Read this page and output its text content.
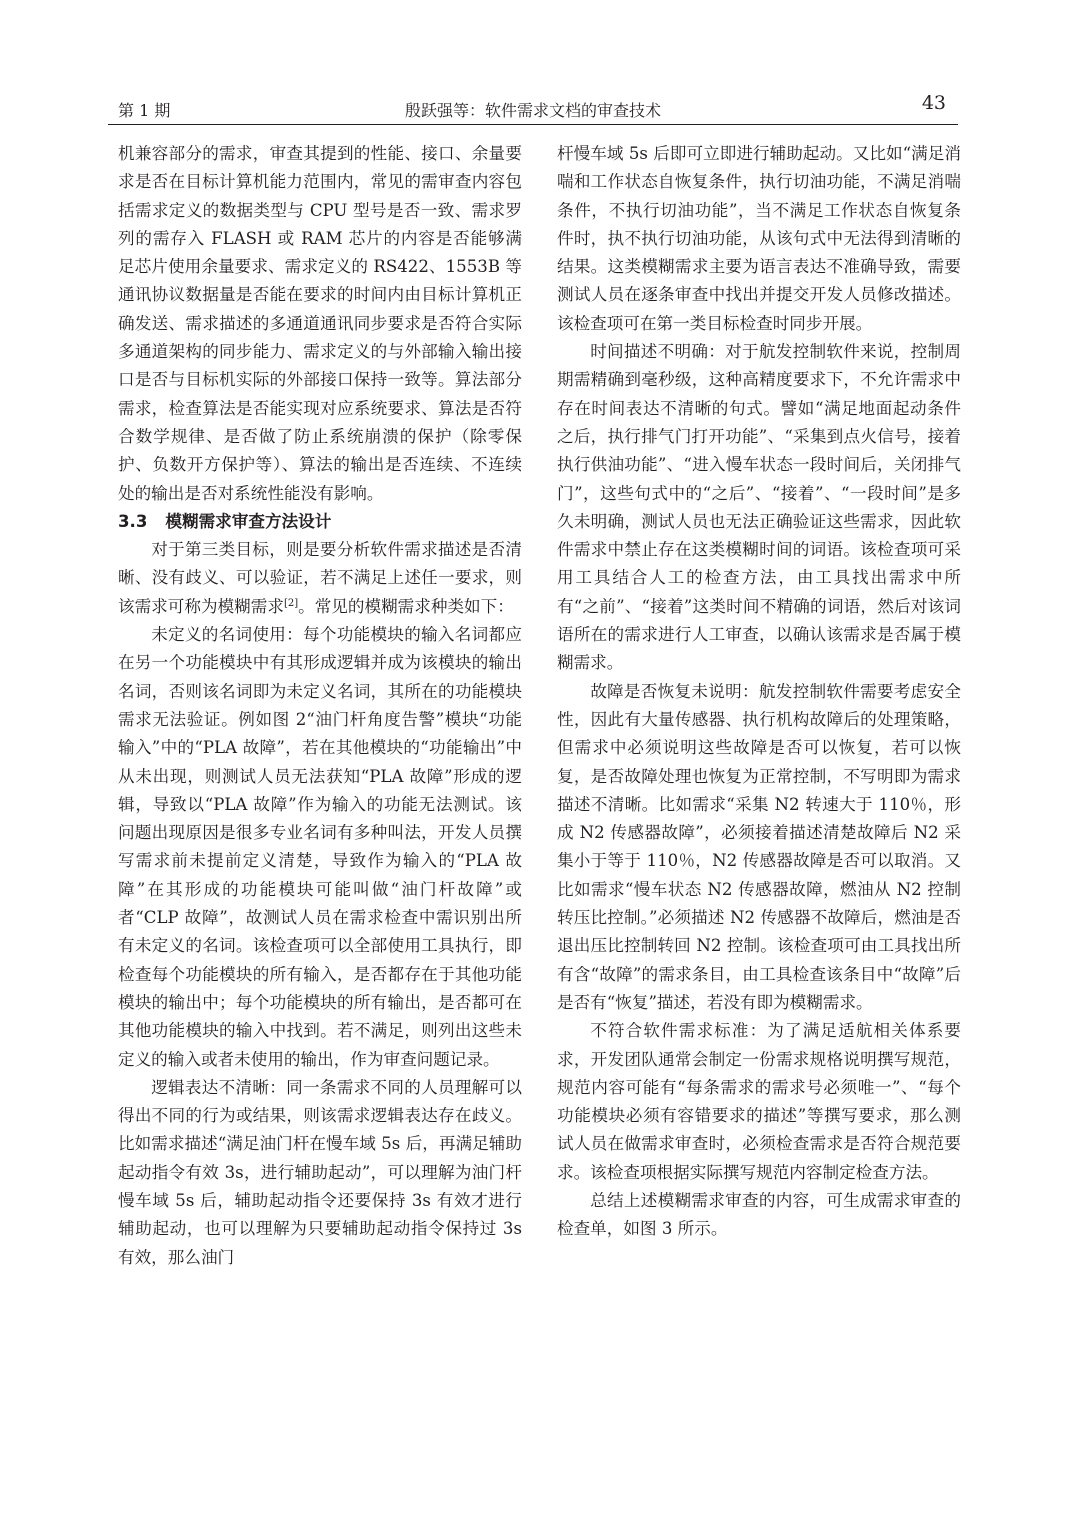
第 1 期	殷跃强等：软件需求文档的审查技术	43

机兼容部分的需求，审查其提到的性能、接口、余量要求是否在目标计算机能力范围内，常见的需审查内容包括需求定义的数据类型与 CPU 型号是否一致、需求罗列的需存入 FLASH 或 RAM 芯片的内容是否能够满足芯片使用余量要求、需求定义的 RS422、1553B 等通讯协议数据量是否能在要求的时间内由目标计算机正确发送、需求描述的多通道通讯同步要求是否符合实际多通道架构的同步能力、需求定义的与外部输入输出接口是否与目标机实际的外部接口保持一致等。算法部分需求，检查算法是否能实现对应系统要求、算法是否符合数学规律、是否做了防止系统崩溃的保护（除零保护、负数开方保护等）、算法的输出是否连续、不连续处的输出是否对系统性能没有影响。

3.3 模糊需求审查方法设计

对于第三类目标，则是要分析软件需求描述是否清晰、没有歧义、可以验证，若不满足上述任一要求，则该需求可称为模糊需求[2]。常见的模糊需求种类如下：

未定义的名词使用：每个功能模块的输入名词都应在另一个功能模块中有其形成逻辑并成为该模块的输出名词，否则该名词即为未定义名词，其所在的功能模块需求无法验证。例如图 2“油门杆角度告警”模块“功能输入”中的“PLA 故障”，若在其他模块的“功能输出”中从未出现，则测试人员无法获知“PLA 故障”形成的逻辑，导致以“PLA 故障”作为输入的功能无法测试。该问题出现原因是很多专业名词有多种叫法，开发人员撰写需求前未提前定义清楚，导致作为输入的“PLA 故障”在其形成的功能模块可能叫做“油门杆故障”或者“CLP 故障”，故测试人员在需求检查中需识别出所有未定义的名词。该检查项可以全部使用工具执行，即检查每个功能模块的所有输入，是否都存在于其他功能模块的输出中；每个功能模块的所有输出，是否都可在其他功能模块的输入中找到。若不满足，则列出这些未定义的输入或者未使用的输出，作为审查问题记录。

逻辑表达不清晰：同一条需求不同的人员理解可以得出不同的行为或结果，则该需求逻辑表达存在歧义。比如需求描述“满足油门杆在慢车域 5s 后，再满足辅助起动指令有效 3s，进行辅助起动”，可以理解为油门杆慢车域 5s 后，辅助起动指令还要保持 3s 有效才进行辅助起动，也可以理解为只要辅助起动指令保持过 3s 有效，那么油门

杆慢车域 5s 后即可立即进行辅助起动。又比如“满足消喘和工作状态自恢复条件，执行切油功能，不满足消喘条件，不执行切油功能”，当不满足工作状态自恢复条件时，执不执行切油功能，从该句式中无法得到清晰的结果。这类模糊需求主要为语言表达不准确导致，需要测试人员在逐条审查中找出并提交开发人员修改描述。该检查项可在第一类目标检查时同步开展。

时间描述不明确：对于航发控制软件来说，控制周期需精确到毫秒级，这种高精度要求下，不允许需求中存在时间表达不清晰的句式。譬如“满足地面起动条件之后，执行排气门打开功能”、“采集到点火信号，接着执行供油功能”、“进入慢车状态一段时间后，关闭排气门”，这些句式中的“之后”、“接着”、“一段时间”是多久未明确，测试人员也无法正确验证这些需求，因此软件需求中禁止存在这类模糊时间的词语。该检查项可采用工具结合人工的检查方法，由工具找出需求中所有“之前”、“接着”这类时间不精确的词语，然后对该词语所在的需求进行人工审查，以确认该需求是否属于模糊需求。

故障是否恢复未说明：航发控制软件需要考虑安全性，因此有大量传感器、执行机构故障后的处理策略，但需求中必须说明这些故障是否可以恢复，若可以恢复，是否故障处理也恢复为正常控制，不写明即为需求描述不清晰。比如需求“采集 N2 转速大于 110％，形成 N2 传感器故障”，必须接着描述清楚故障后 N2 采集小于等于 110％，N2 传感器故障是否可以取消。又比如需求“慢车状态 N2 传感器故障，燃油从 N2 控制转压比控制。”必须描述 N2 传感器不故障后，燃油是否退出压比控制转回 N2 控制。该检查项可由工具找出所有含“故障”的需求条目，由工具检查该条目中“故障”后是否有“恢复”描述，若没有即为模糊需求。

不符合软件需求标准：为了满足适航相关体系要求，开发团队通常会制定一份需求规格说明撰写规范，规范内容可能有“每条需求的需求号必须唯一”、“每个功能模块必须有容错要求的描述”等撰写要求，那么测试人员在做需求审查时，必须检查需求是否符合规范要求。该检查项根据实际撰写规范内容制定检查方法。

总结上述模糊需求审查的内容，可生成需求审查的检查单，如图 3 所示。
